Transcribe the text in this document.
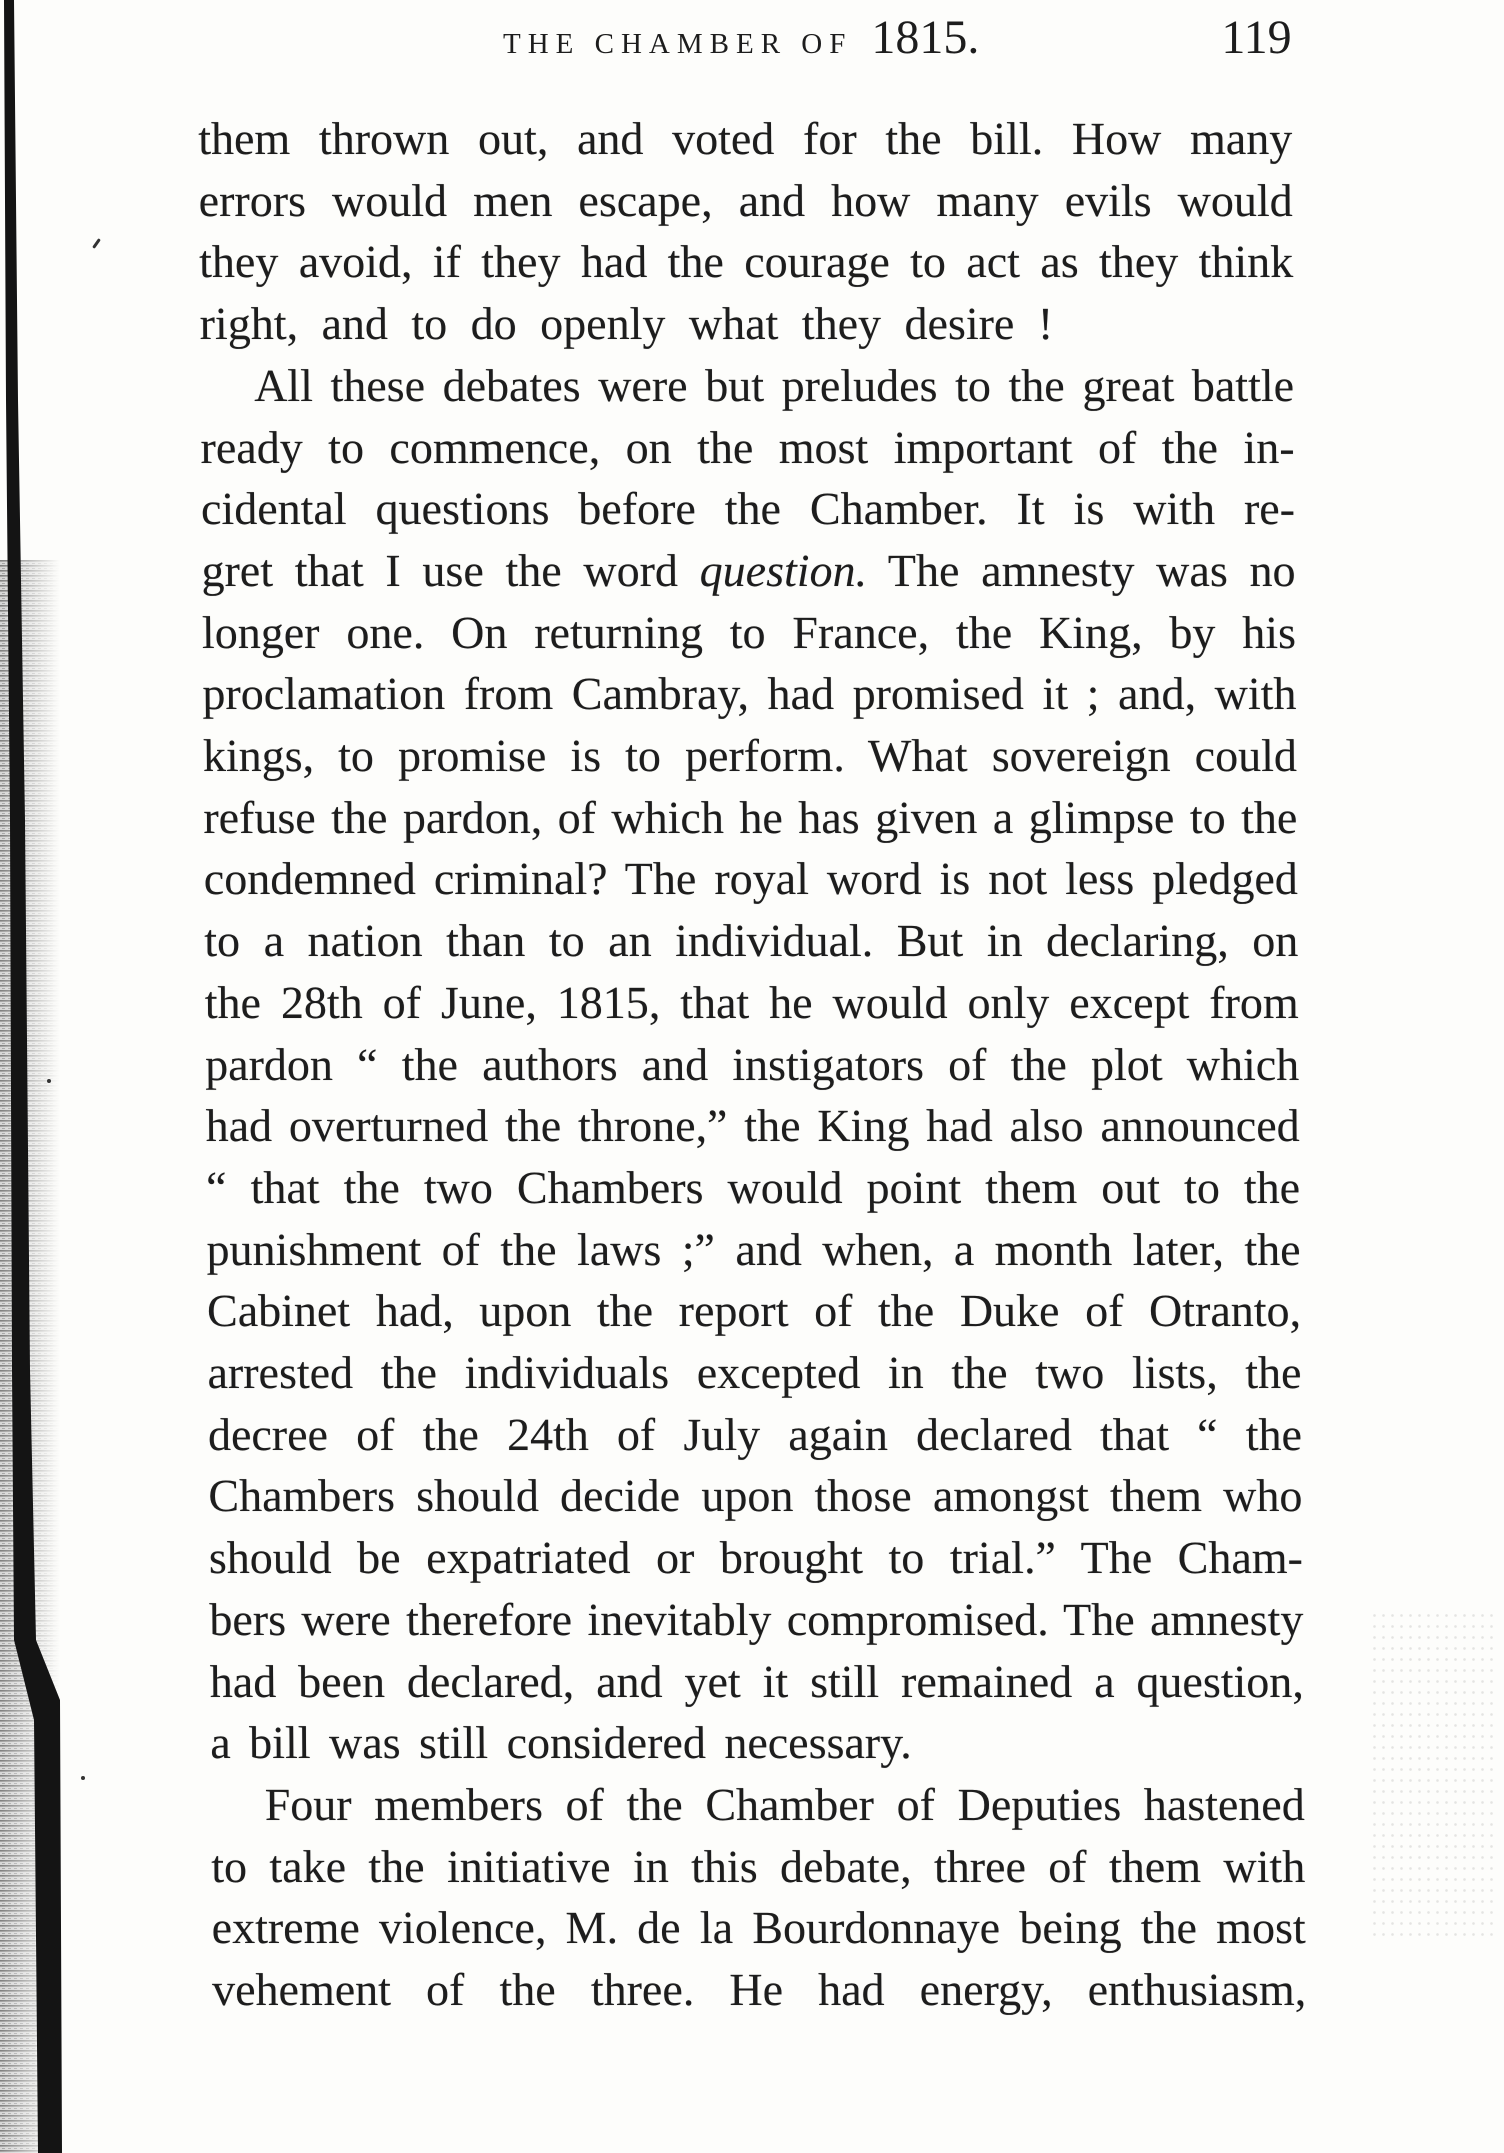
THE CHAMBER OF 1815.	119
them thrown out, and voted for the bill. How many
errors would men escape, and how many evils would
they avoid, if they had the courage to act as they think
right, and to do openly what they desire !
All these debates were but preludes to the great battle
ready to commence, on the most important of the in-
cidental questions before the Chamber. It is with re-
gret that I use the word question. The amnesty was no
longer one. On returning to France, the King, by his
proclamation from Cambray, had promised it ; and, with
kings, to promise is to perform. What sovereign could
refuse the pardon, of which he has given a glimpse to the
condemned criminal? The royal word is not less pledged
to a nation than to an individual. But in declaring, on
the 28th of June, 1815, that he would only except from
pardon “ the authors and instigators of the plot which
had overturned the throne,” the King had also announced
“ that the two Chambers would point them out to the
punishment of the laws ;” and when, a month later, the
Cabinet had, upon the report of the Duke of Otranto,
arrested the individuals excepted in the two lists, the
decree of the 24th of July again declared that “ the
Chambers should decide upon those amongst them who
should be expatriated or brought to trial.” The Cham-
bers were therefore inevitably compromised. The amnesty
had been declared, and yet it still remained a question,
a bill was still considered necessary.
Four members of the Chamber of Deputies hastened
to take the initiative in this debate, three of them with
extreme violence, M. de la Bourdonnaye being the most
vehement of the three. He had energy, enthusiasm,
